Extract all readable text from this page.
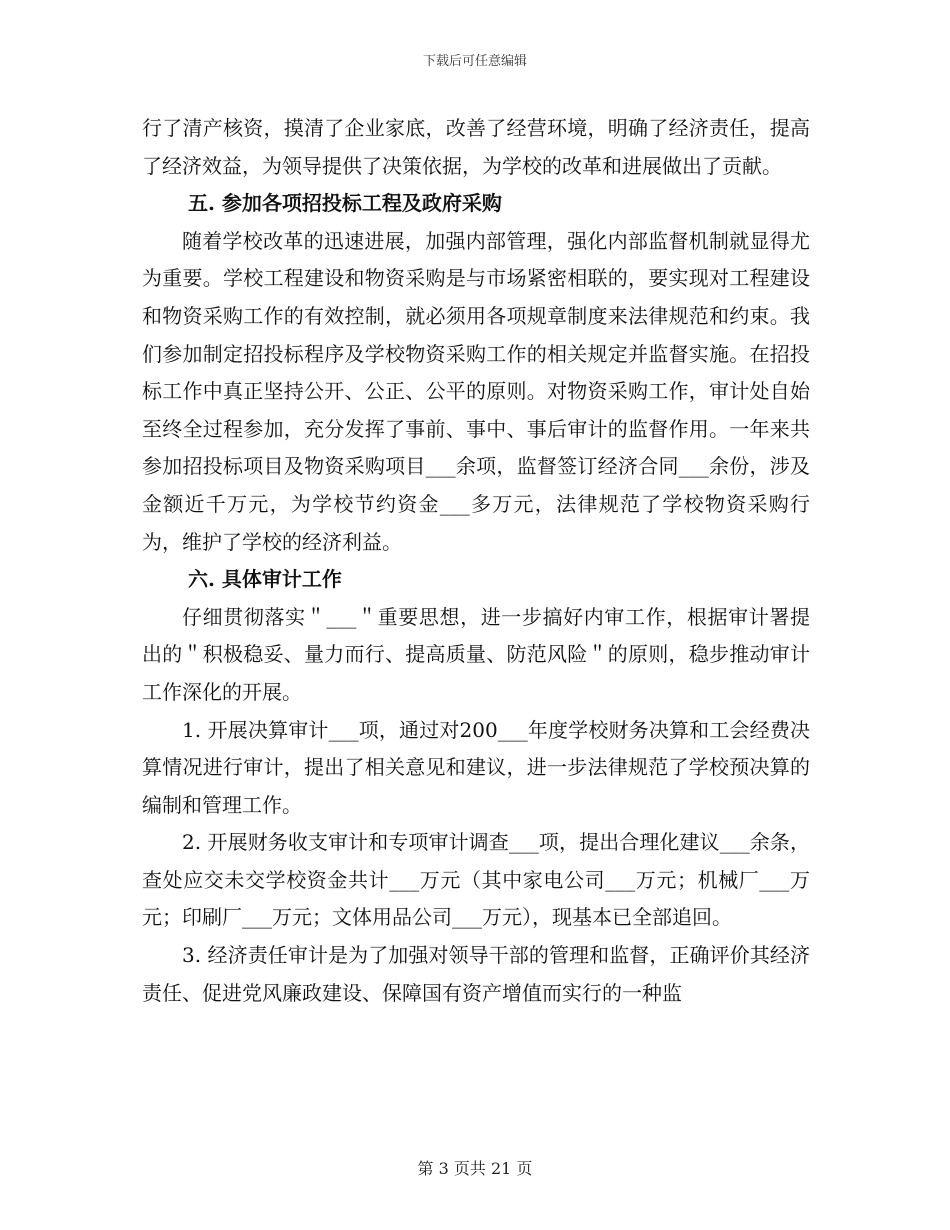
下载后可任意编辑

行了清产核资，摸清了企业家底，改善了经营环境，明确了经济责任，提高了经济效益，为领导提供了决策依据，为学校的改革和进展做出了贡献。

五. 参加各项招投标工程及政府采购

随着学校改革的迅速进展，加强内部管理，强化内部监督机制就显得尤为重要。学校工程建设和物资采购是与市场紧密相联的，要实现对工程建设和物资采购工作的有效控制，就必须用各项规章制度来法律规范和约束。我们参加制定招投标程序及学校物资采购工作的相关规定并监督实施。在招投标工作中真正坚持公开、公正、公平的原则。对物资采购工作，审计处自始至终全过程参加，充分发挥了事前、事中、事后审计的监督作用。一年来共参加招投标项目及物资采购项目___余项，监督签订经济合同___余份，涉及金额近千万元，为学校节约资金___多万元，法律规范了学校物资采购行为，维护了学校的经济利益。

六. 具体审计工作

仔细贯彻落实＂___＂重要思想，进一步搞好内审工作，根据审计署提出的＂积极稳妥、量力而行、提高质量、防范风险＂的原则，稳步推动审计工作深化的开展。

1. 开展决算审计___项，通过对200___年度学校财务决算和工会经费决算情况进行审计，提出了相关意见和建议，进一步法律规范了学校预决算的编制和管理工作。

2. 开展财务收支审计和专项审计调查___项，提出合理化建议___余条，查处应交未交学校资金共计___万元（其中家电公司___万元；机械厂___万元；印刷厂___万元；文体用品公司___万元），现基本已全部追回。

3. 经济责任审计是为了加强对领导干部的管理和监督，正确评价其经济责任、促进党风廉政建设、保障国有资产增值而实行的一种监

第 3 页共 21 页
